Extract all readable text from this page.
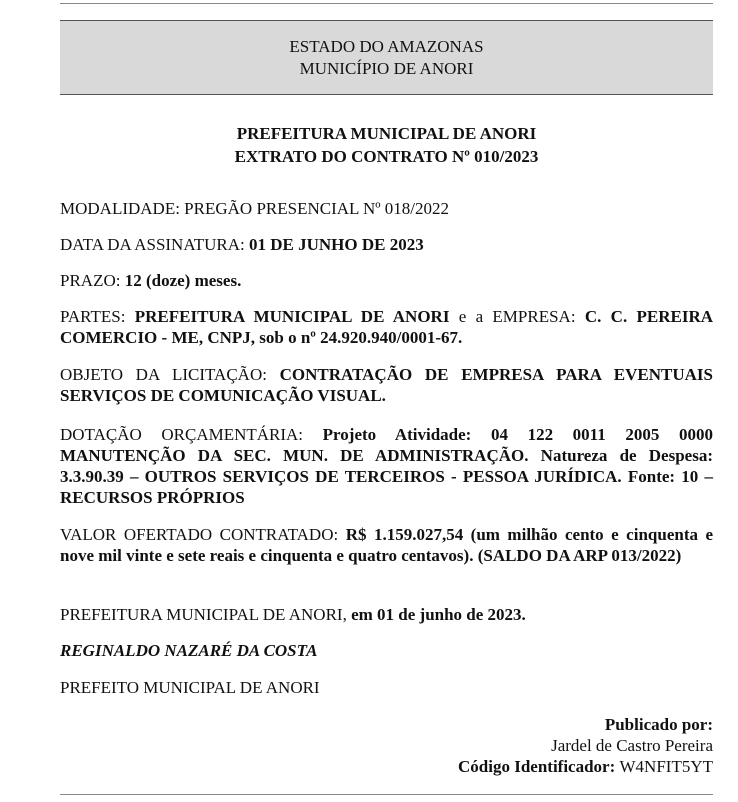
ESTADO DO AMAZONAS
MUNICÍPIO DE ANORI
PREFEITURA MUNICIPAL DE ANORI
EXTRATO DO CONTRATO Nº 010/2023
MODALIDADE: PREGÃO PRESENCIAL Nº 018/2022
DATA DA ASSINATURA: 01 DE JUNHO DE 2023
PRAZO: 12 (doze) meses.
PARTES: PREFEITURA MUNICIPAL DE ANORI e a EMPRESA: C. C. PEREIRA COMERCIO - ME, CNPJ, sob o nº 24.920.940/0001-67.
OBJETO DA LICITAÇÃO: CONTRATAÇÃO DE EMPRESA PARA EVENTUAIS SERVIÇOS DE COMUNICAÇÃO VISUAL.
DOTAÇÃO ORÇAMENTÁRIA: Projeto Atividade: 04 122 0011 2005 0000 MANUTENÇÃO DA SEC. MUN. DE ADMINISTRAÇÃO. Natureza de Despesa: 3.3.90.39 – OUTROS SERVIÇOS DE TERCEIROS - PESSOA JURÍDICA. Fonte: 10 – RECURSOS PRÓPRIOS
VALOR OFERTADO CONTRATADO: R$ 1.159.027,54 (um milhão cento e cinquenta e nove mil vinte e sete reais e cinquenta e quatro centavos). (SALDO DA ARP 013/2022)
PREFEITURA MUNICIPAL DE ANORI, em 01 de junho de 2023.
REGINALDO NAZARÉ DA COSTA
PREFEITO MUNICIPAL DE ANORI
Publicado por:
Jardel de Castro Pereira
Código Identificador: W4NFIT5YT
